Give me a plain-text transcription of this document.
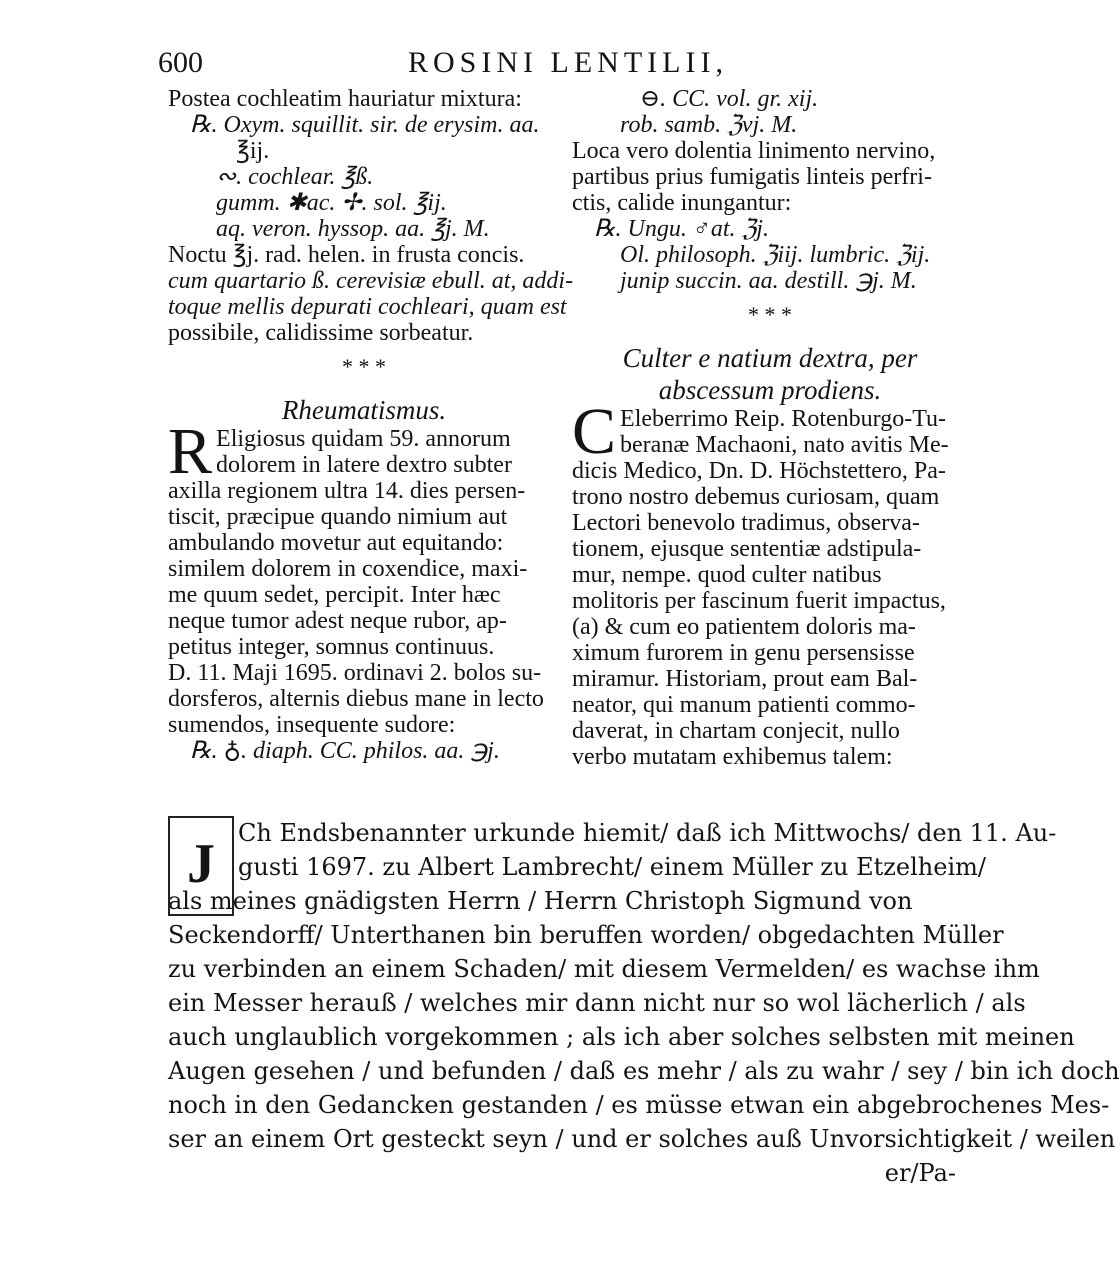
600	ROSINI LENTILII,
Postea cochleatim hauriatur mixtura:
℞. Oxym. squillit. sir. de erysim. aa.
℥ij.
∾. cochlear. ℥ß.
gumm. ✱ac. ✢. sol. ℥ij.
aq. veron. hyssop. aa. ℥j. M.
Noctu ℥j. rad. helen. in frusta concis.
cum quartario ß. cerevisiæ ebull. at, addi-
toque mellis depurati cochleari, quam est
possibile, calidissime sorbeatur.
* * *
Rheumatismus.
R Eligiosus quidam 59. annorum
dolorem in latere dextro subter
axilla regionem ultra 14. dies persen-
tiscit, præcipue quando nimium aut
ambulando movetur aut equitando:
similem dolorem in coxendice, maxi-
me quum sedet, percipit. Inter hæc
neque tumor adest neque rubor, ap-
petitus integer, somnus continuus.
D. 11. Maji 1695. ordinavi 2. bolos su-
dorsferos, alternis diebus mane in lecto
sumendos, insequente sudore:
℞. ♁. diaph. CC. philos. aa. ℈j.
⊖. CC. vol. gr. xij.
rob. samb. ℨvj. M.
Loca vero dolentia linimento nervino,
partibus prius fumigatis linteis perfri-
ctis, calide inungantur:
℞. Ungu. ♂at. ℨj.
Ol. philosoph. ℨiij. lumbric. ℨij.
junip succin. aa. destill. ℈j. M.
* * *
Culter e natium dextra, per
abscessum prodiens.
C Eleberrimo Reip. Rotenburgo-Tu-
beranæ Machaoni, nato avitis Me-
dicis Medico, Dn. D. Höchstettero, Pa-
trono nostro debemus curiosam, quam
Lectori benevolo tradimus, observa-
tionem, ejusque sententiæ adstipula-
mur, nempe. quod culter natibus
molitoris per fascinum fuerit impactus,
(a) & cum eo patientem doloris ma-
ximum furorem in genu persensisse
miramur. Historiam, prout eam Bal-
neator, qui manum patienti commo-
daverat, in chartam conjecit, nullo
verbo mutatam exhibemus talem:
J Ch Endsbenannter urkunde hiemit/ daß ich Mittwochs/ den 11. Au-
gusti 1697. zu Albert Lambrecht/ einem Müller zu Etzelheim/
als meines gnädigsten Herrn / Herrn Christoph Sigmund von
Seckendorff/ Unterthanen bin beruffen worden/ obgedachten Müller
zu verbinden an einem Schaden/ mit diesem Vermelden/ es wachse ihm
ein Messer herauß / welches mir dann nicht nur so wol lächerlich / als
auch unglaublich vorgekommen ; als ich aber solches selbsten mit meinen
Augen gesehen / und befunden / daß es mehr / als zu wahr / sey / bin ich doch
noch in den Gedancken gestanden / es müsse etwan ein abgebrochenes Mes-
ser an einem Ort gesteckt seyn / und er solches auß Unvorsichtigkeit / weilen
er/Pa-
